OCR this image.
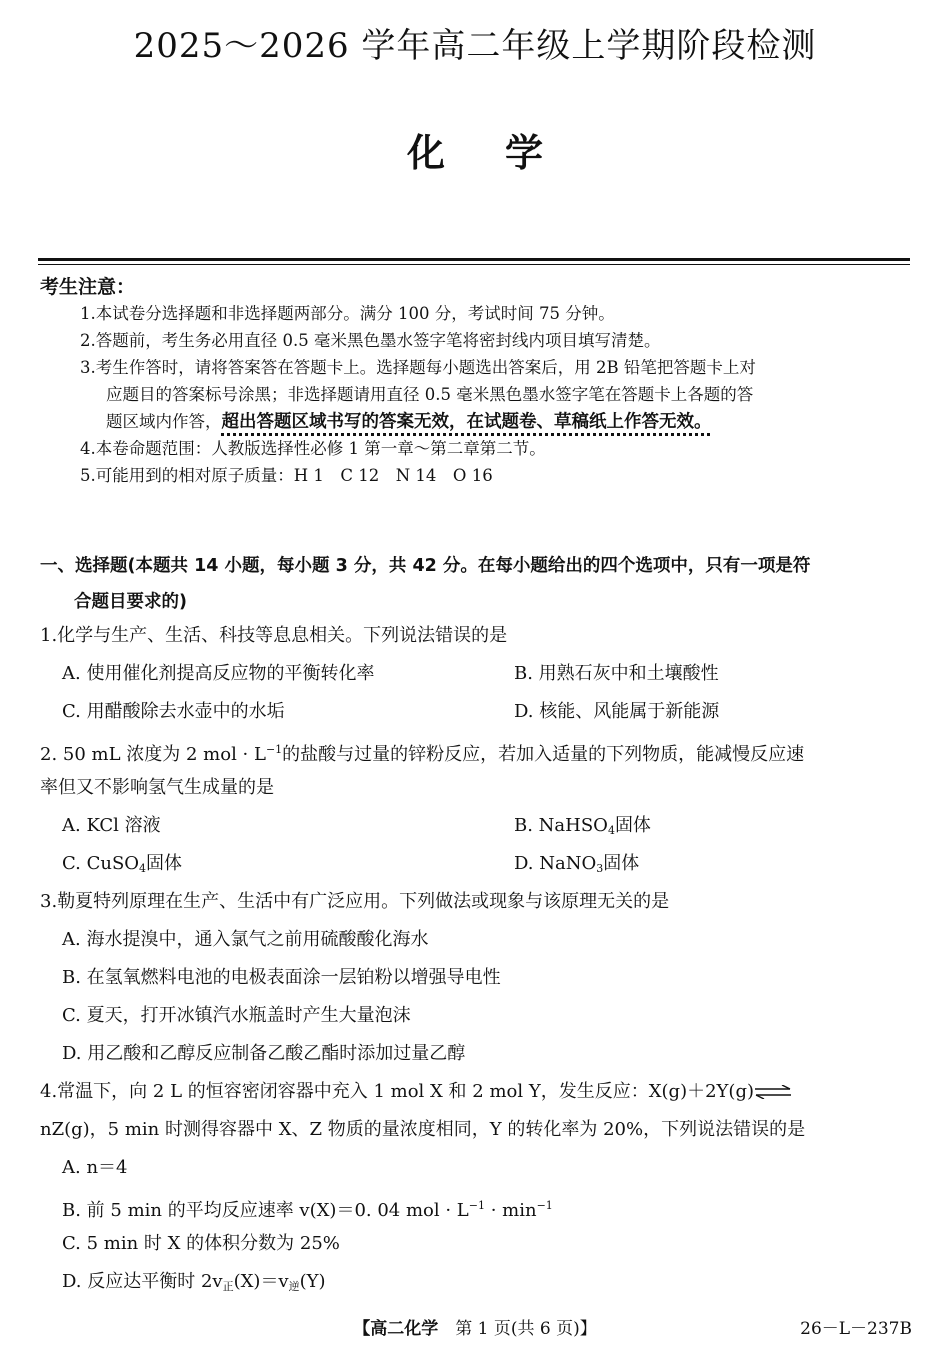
2025～2026 学年高二年级上学期阶段检测
化学
考生注意：
1.本试卷分选择题和非选择题两部分。满分 100 分，考试时间 75 分钟。
2.答题前，考生务必用直径 0.5 毫米黑色墨水签字笔将密封线内项目填写清楚。
3.考生作答时，请将答案答在答题卡上。选择题每小题选出答案后，用 2B 铅笔把答题卡上对
应题目的答案标号涂黑；非选择题请用直径 0.5 毫米黑色墨水签字笔在答题卡上各题的答
题区域内作答，超出答题区域书写的答案无效，在试题卷、草稿纸上作答无效。
4.本卷命题范围：人教版选择性必修 1 第一章～第二章第二节。
5.可能用到的相对原子质量：H 1　C 12　N 14　O 16
一、选择题(本题共 14 小题，每小题 3 分，共 42 分。在每小题给出的四个选项中，只有一项是符
合题目要求的)
1.化学与生产、生活、科技等息息相关。下列说法错误的是
A. 使用催化剂提高反应物的平衡转化率	B. 用熟石灰中和土壤酸性
C. 用醋酸除去水壶中的水垢	D. 核能、风能属于新能源
2. 50 mL 浓度为 2 mol · $L^{-1}$的盐酸与过量的锌粉反应，若加入适量的下列物质，能减慢反应速
率但又不影响氢气生成量的是
A. KCl 溶液	B. NaHSO$_4$固体
C. CuSO$_4$固体	D. NaNO$_3$固体
3.勒夏特列原理在生产、生活中有广泛应用。下列做法或现象与该原理无关的是
A. 海水提溴中，通入氯气之前用硫酸酸化海水
B. 在氢氧燃料电池的电极表面涂一层铂粉以增强导电性
C. 夏天，打开冰镇汽水瓶盖时产生大量泡沫
D. 用乙酸和乙醇反应制备乙酸乙酯时添加过量乙醇
4.常温下，向 2 L 的恒容密闭容器中充入 1 mol X 和 2 mol Y，发生反应：X(g)＋2Y(g)⇌
nZ(g)，5 min 时测得容器中 X、Z 物质的量浓度相同，Y 的转化率为 20%，下列说法错误的是
A. n＝4
B. 前 5 min 的平均反应速率 v(X)＝0. 04 mol · $L^{-1} \cdot \min^{-1}$
C. 5 min 时 X 的体积分数为 25%
D. 反应达平衡时 $2v_正(X)=v_逆(Y)$
【高二化学　 第 1 页(共 6 页)】	26－L－237B
